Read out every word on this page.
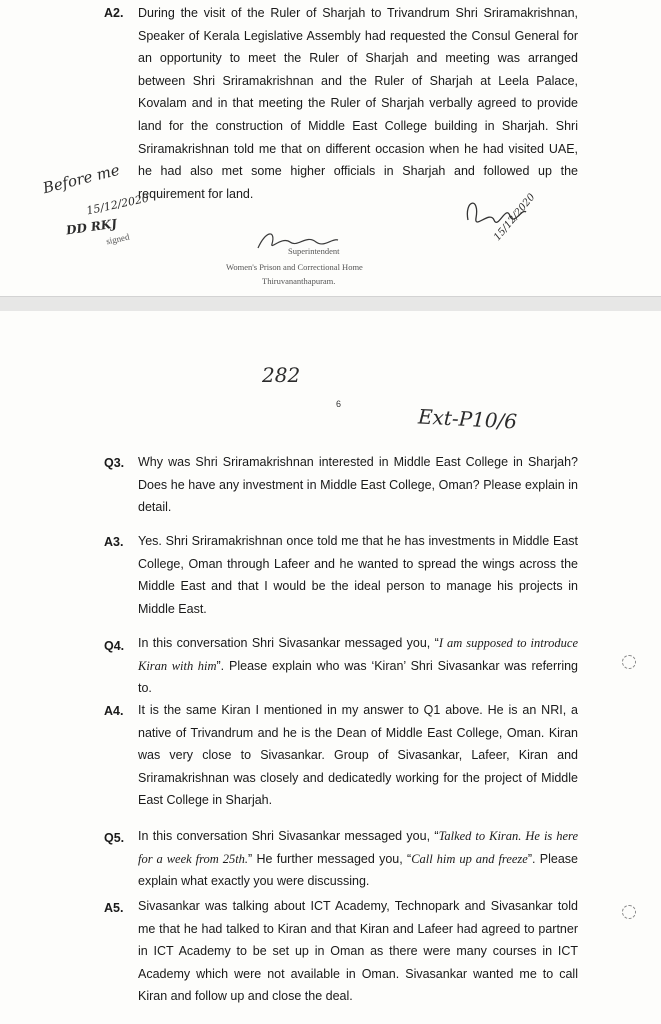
A2. During the visit of the Ruler of Sharjah to Trivandrum Shri Sriramakrishnan, Speaker of Kerala Legislative Assembly had requested the Consul General for an opportunity to meet the Ruler of Sharjah and meeting was arranged between Shri Sriramakrishnan and the Ruler of Sharjah at Leela Palace, Kovalam and in that meeting the Ruler of Sharjah verbally agreed to provide land for the construction of Middle East College building in Sharjah. Shri Sriramakrishnan told me that on different occasion when he had visited UAE, he had also met some higher officials in Sharjah and followed up the requirement for land.
Before me
15/12/2020
DD RKJ
signed
Superintendent
Women's Prison and Correctional Home
Thiruvananthapuram.
15/12/2020
282
6
Ext-P10/6
Q3. Why was Shri Sriramakrishnan interested in Middle East College in Sharjah? Does he have any investment in Middle East College, Oman? Please explain in detail.
A3. Yes. Shri Sriramakrishnan once told me that he has investments in Middle East College, Oman through Lafeer and he wanted to spread the wings across the Middle East and that I would be the ideal person to manage his projects in Middle East.
Q4. In this conversation Shri Sivasankar messaged you, “I am supposed to introduce Kiran with him”. Please explain who was ‘Kiran’ Shri Sivasankar was referring to.
A4. It is the same Kiran I mentioned in my answer to Q1 above. He is an NRI, a native of Trivandrum and he is the Dean of Middle East College, Oman. Kiran was very close to Sivasankar. Group of Sivasankar, Lafeer, Kiran and Sriramakrishnan was closely and dedicatedly working for the project of Middle East College in Sharjah.
Q5. In this conversation Shri Sivasankar messaged you, “Talked to Kiran. He is here for a week from 25th.” He further messaged you, “Call him up and freeze”. Please explain what exactly you were discussing.
A5. Sivasankar was talking about ICT Academy, Technopark and Sivasankar told me that he had talked to Kiran and that Kiran and Lafeer had agreed to partner in ICT Academy to be set up in Oman as there were many courses in ICT Academy which were not available in Oman. Sivasankar wanted me to call Kiran and follow up and close the deal.
